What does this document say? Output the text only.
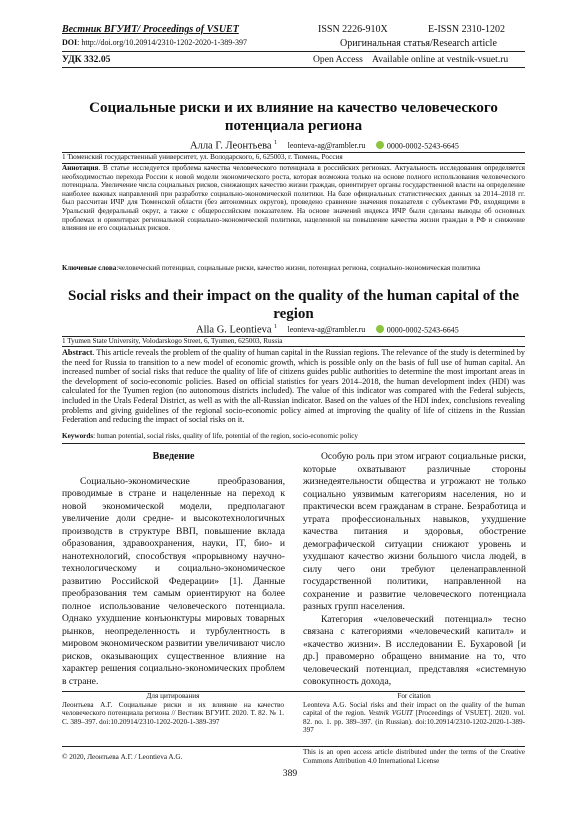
Вестник ВГУИТ/ Proceedings of VSUET	ISSN 2226-910X	E-ISSN 2310-1202
DOI: http://doi.org/10.20914/2310-1202-2020-1-389-397	Оригинальная статья/Research article
УДК 332.05	Open Access Available online at vestnik-vsuet.ru
Социальные риски и их влияние на качество человеческого потенциала региона
Алла Г. Леонтьева $^1$ leonteva-ag@rambler.ru	0000-0002-5243-6645
1 Тюменский государственный университет, ул. Володарского, 6, 625003, г. Тюмень, Россия
Аннотация. В статье исследуется проблема качества человеческого потенциала в российских регионах. Актуальность исследования определяется необходимостью перехода России к новой модели экономического роста, которая возможна только на основе полного использования человеческого потенциала. Увеличение числа социальных рисков, снижающих качество жизни граждан, ориентирует органы государственной власти на определение наиболее важных направлений при разработке социально-экономической политики. На базе официальных статистических данных за 2014–2018 гг. был рассчитан ИЧР для Тюменской области (без автономных округов), проведено сравнение значения показателя с субъектами РФ, входящими в Уральский федеральный округ, а также с общероссийским показателем. На основе значений индекса ИЧР были сделаны выводы об основных проблемах и ориентирах региональной социально-экономической политики, нацеленной на повышение качества жизни граждан в РФ и снижение влияния не его социальных рисков.
Ключевые слова:человеческий потенциал, социальные риски, качество жизни, потенциал региона, социально-экономическая политика
Social risks and their impact on the quality of the human capital of the region
Alla G. Leontieva $^1$ leonteva-ag@rambler.ru	0000-0002-5243-6645
1 Tyumen State University, Volodarskogo Street, 6, Tyumen, 625003, Russia
Abstract. This article reveals the problem of the quality of human capital in the Russian regions. The relevance of the study is determined by the need for Russia to transition to a new model of economic growth, which is possible only on the basis of full use of human capital. An increased number of social risks that reduce the quality of life of citizens guides public authorities to determine the most important areas in the development of socio-economic policies. Based on official statistics for years 2014–2018, the human development index (HDI) was calculated for the Tyumen region (no autonomous districts included). The value of this indicator was compared with the Federal subjects, included in the Urals Federal District, as well as with the all-Russian indicator. Based on the values of the HDI index, conclusions revealing problems and giving guidelines of the regional socio-economic policy aimed at improving the quality of life of citizens in the Russian Federation and reducing the impact of social risks on it.
Keywords: human potential, social risks, quality of life, potential of the region, socio-economic policy
Введение

Социально-экономические преобразования, проводимые в стране и нацеленные на переход к новой экономической модели, предполагают увеличение доли средне- и высокотехнологичных производств в структуре ВВП, повышение вклада образования, здравоохранения, науки, IT, био- и нанотехнологий, способствуя «прорывному научно-технологическому и социально-экономическое развитию Российской Федерации» [1]. Данные преобразования тем самым ориентируют на более полное использование человеческого потенциала. Однако ухудшение конъюнктуры мировых товарных рынков, неопределенность и турбулентность в мировом экономическом развитии увеличивают число рисков, оказывающих существенное влияние на характер решения социально-экономических проблем в стране.

Особую роль при этом играют социальные риски, которые охватывают различные стороны жизнедеятельности общества и угрожают не только социально уязвимым категориям населения, но и практически всем гражданам в стране. Безработица и утрата профессиональных навыков, ухудшение качества питания и здоровья, обострение демографической ситуации снижают уровень и ухудшают качество жизни большого числа людей, в силу чего они требуют целенаправленной государственной политики, направленной на сохранение и развитие человеческого потенциала разных групп населения.

Категория «человеческий потенциал» тесно связана с категориями «человеческий капитал» и «качество жизни». В исследовании Е. Бухаровой [и др.] правомерно обращено внимание на то, что человеческий потенциал, представляя «системную совокупность дохода,

Для цитирования
Леонтьева А.Г. Социальные риски и их влияние на качество человеческого потенциала региона // Вестник ВГУИТ. 2020. Т. 82. № 1. С. 389–397. doi:10.20914/2310-1202-2020-1-389-397
For citation
Leonteva A.G. Social risks and their impact on the quality of the human capital of the region. Vestnik VGUIT [Proceedings of VSUET]. 2020. vol. 82. no. 1. pp. 389–397. (in Russian). doi:10.20914/2310-1202-2020-1-389-397
© 2020, Леонтьева А.Г. / Leontieva A.G.
This is an open access article distributed under the terms of the Creative Commons Attribution 4.0 International License
389
